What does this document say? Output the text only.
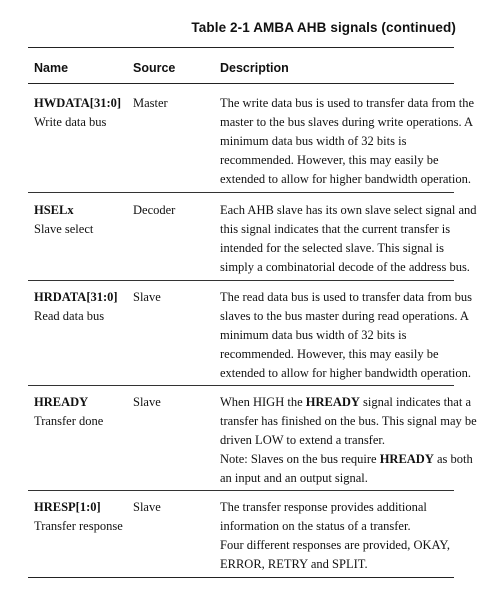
Table 2-1 AMBA AHB signals (continued)
Name	Source	Description
HWDATA[31:0]
Write data bus
Master	The write data bus is used to transfer data from the
master to the bus slaves during write operations. A
minimum data bus width of 32 bits is
recommended. However, this may easily be
extended to allow for higher bandwidth operation.
HSELx
Slave select
Decoder	Each AHB slave has its own slave select signal and
this signal indicates that the current transfer is
intended for the selected slave. This signal is
simply a combinatorial decode of the address bus.
HRDATA[31:0]
Read data bus
Slave	The read data bus is used to transfer data from bus
slaves to the bus master during read operations. A
minimum data bus width of 32 bits is
recommended. However, this may easily be
extended to allow for higher bandwidth operation.
HREADY
Transfer done
Slave	When HIGH the HREADY signal indicates that a
transfer has finished on the bus. This signal may be
driven LOW to extend a transfer.
Note: Slaves on the bus require HREADY as both
an input and an output signal.
HRESP[1:0]
Transfer response
Slave	The transfer response provides additional
information on the status of a transfer.
Four different responses are provided, OKAY,
ERROR, RETRY and SPLIT.
